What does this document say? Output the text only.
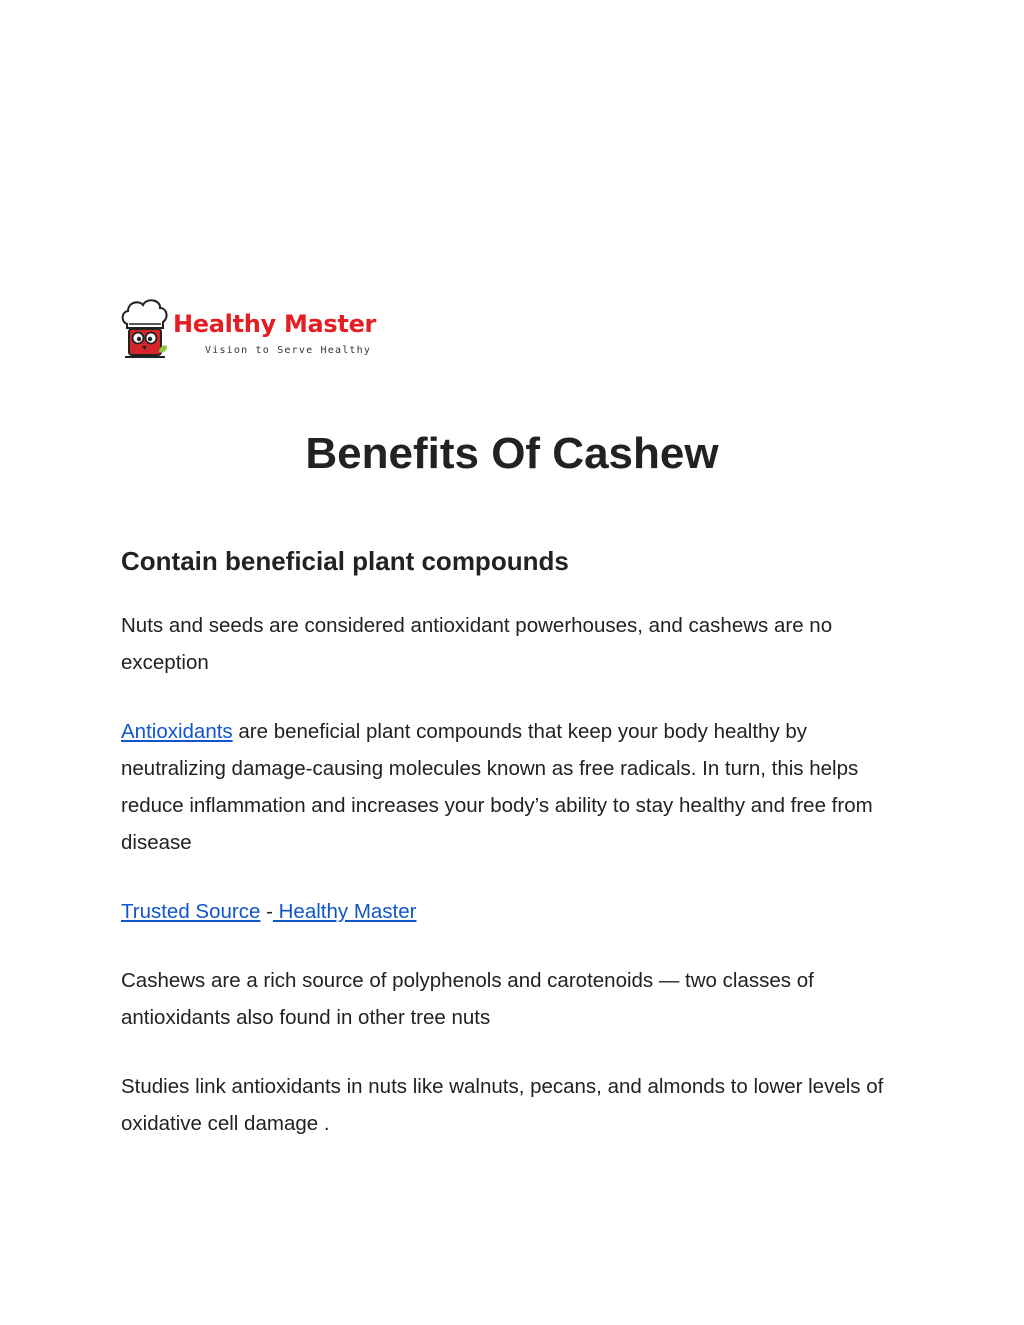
Healthy Master
Vision to Serve Healthy
Benefits Of Cashew
Contain beneficial plant compounds

Nuts and seeds are considered antioxidant powerhouses, and cashews are no exception

Antioxidants are beneficial plant compounds that keep your body healthy by neutralizing damage-causing molecules known as free radicals. In turn, this helps reduce inflammation and increases your body’s ability to stay healthy and free from disease

Trusted Source - Healthy Master

Cashews are a rich source of polyphenols and carotenoids — two classes of antioxidants also found in other tree nuts

Studies link antioxidants in nuts like walnuts, pecans, and almonds to lower levels of oxidative cell damage .
